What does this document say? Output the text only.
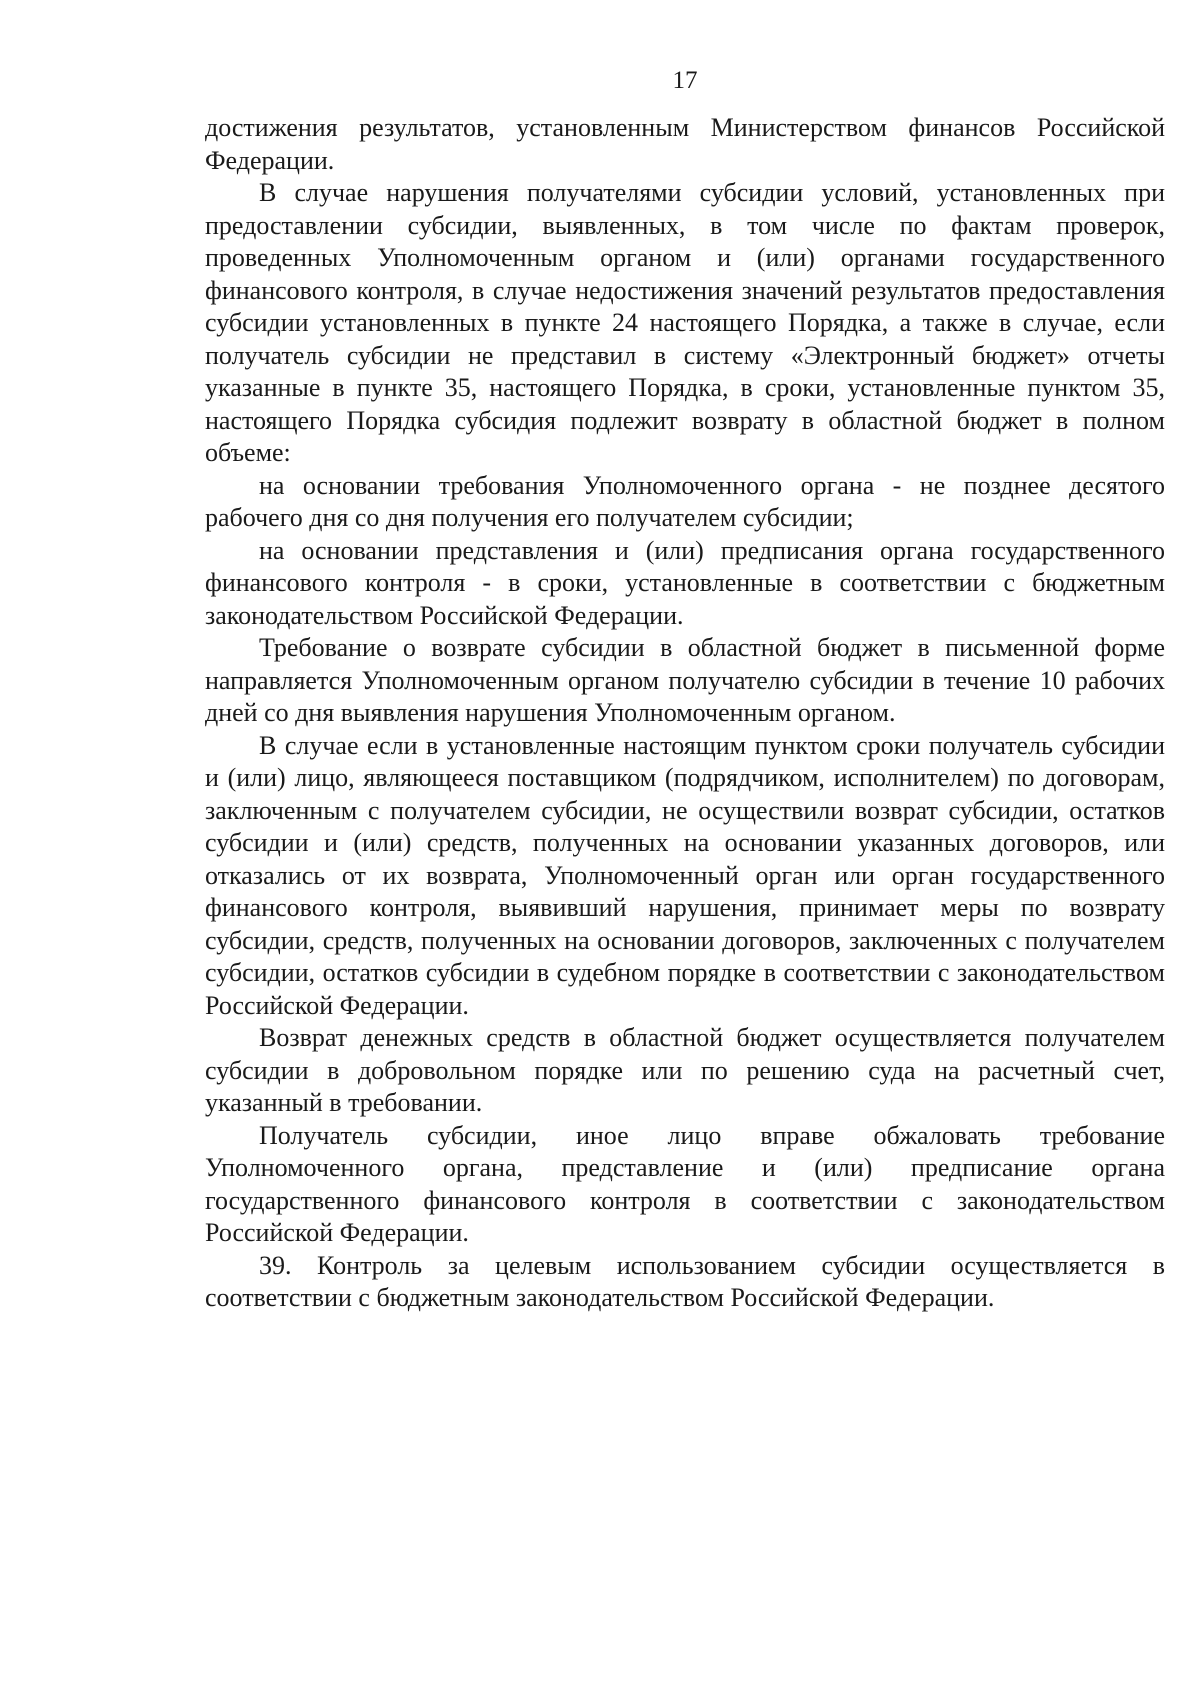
17

достижения результатов, установленным Министерством финансов Российской Федерации.

В случае нарушения получателями субсидии условий, установленных при предоставлении субсидии, выявленных, в том числе по фактам проверок, проведенных Уполномоченным органом и (или) органами государственного финансового контроля, в случае недостижения значений результатов предоставления субсидии установленных в пункте 24 настоящего Порядка, а также в случае, если получатель субсидии не представил в систему «Электронный бюджет» отчеты указанные в пункте 35, настоящего Порядка, в сроки, установленные пунктом 35, настоящего Порядка субсидия подлежит возврату в областной бюджет в полном объеме:

на основании требования Уполномоченного органа - не позднее десятого рабочего дня со дня получения его получателем субсидии;

на основании представления и (или) предписания органа государственного финансового контроля - в сроки, установленные в соответствии с бюджетным законодательством Российской Федерации.

Требование о возврате субсидии в областной бюджет в письменной форме направляется Уполномоченным органом получателю субсидии в течение 10 рабочих дней со дня выявления нарушения Уполномоченным органом.

В случае если в установленные настоящим пунктом сроки получатель субсидии и (или) лицо, являющееся поставщиком (подрядчиком, исполнителем) по договорам, заключенным с получателем субсидии, не осуществили возврат субсидии, остатков субсидии и (или) средств, полученных на основании указанных договоров, или отказались от их возврата, Уполномоченный орган или орган государственного финансового контроля, выявивший нарушения, принимает меры по возврату субсидии, средств, полученных на основании договоров, заключенных с получателем субсидии, остатков субсидии в судебном порядке в соответствии с законодательством Российской Федерации.

Возврат денежных средств в областной бюджет осуществляется получателем субсидии в добровольном порядке или по решению суда на расчетный счет, указанный в требовании.

Получатель субсидии, иное лицо вправе обжаловать требование Уполномоченного органа, представление и (или) предписание органа государственного финансового контроля в соответствии с законодательством Российской Федерации.

39. Контроль за целевым использованием субсидии осуществляется в соответствии с бюджетным законодательством Российской Федерации.
